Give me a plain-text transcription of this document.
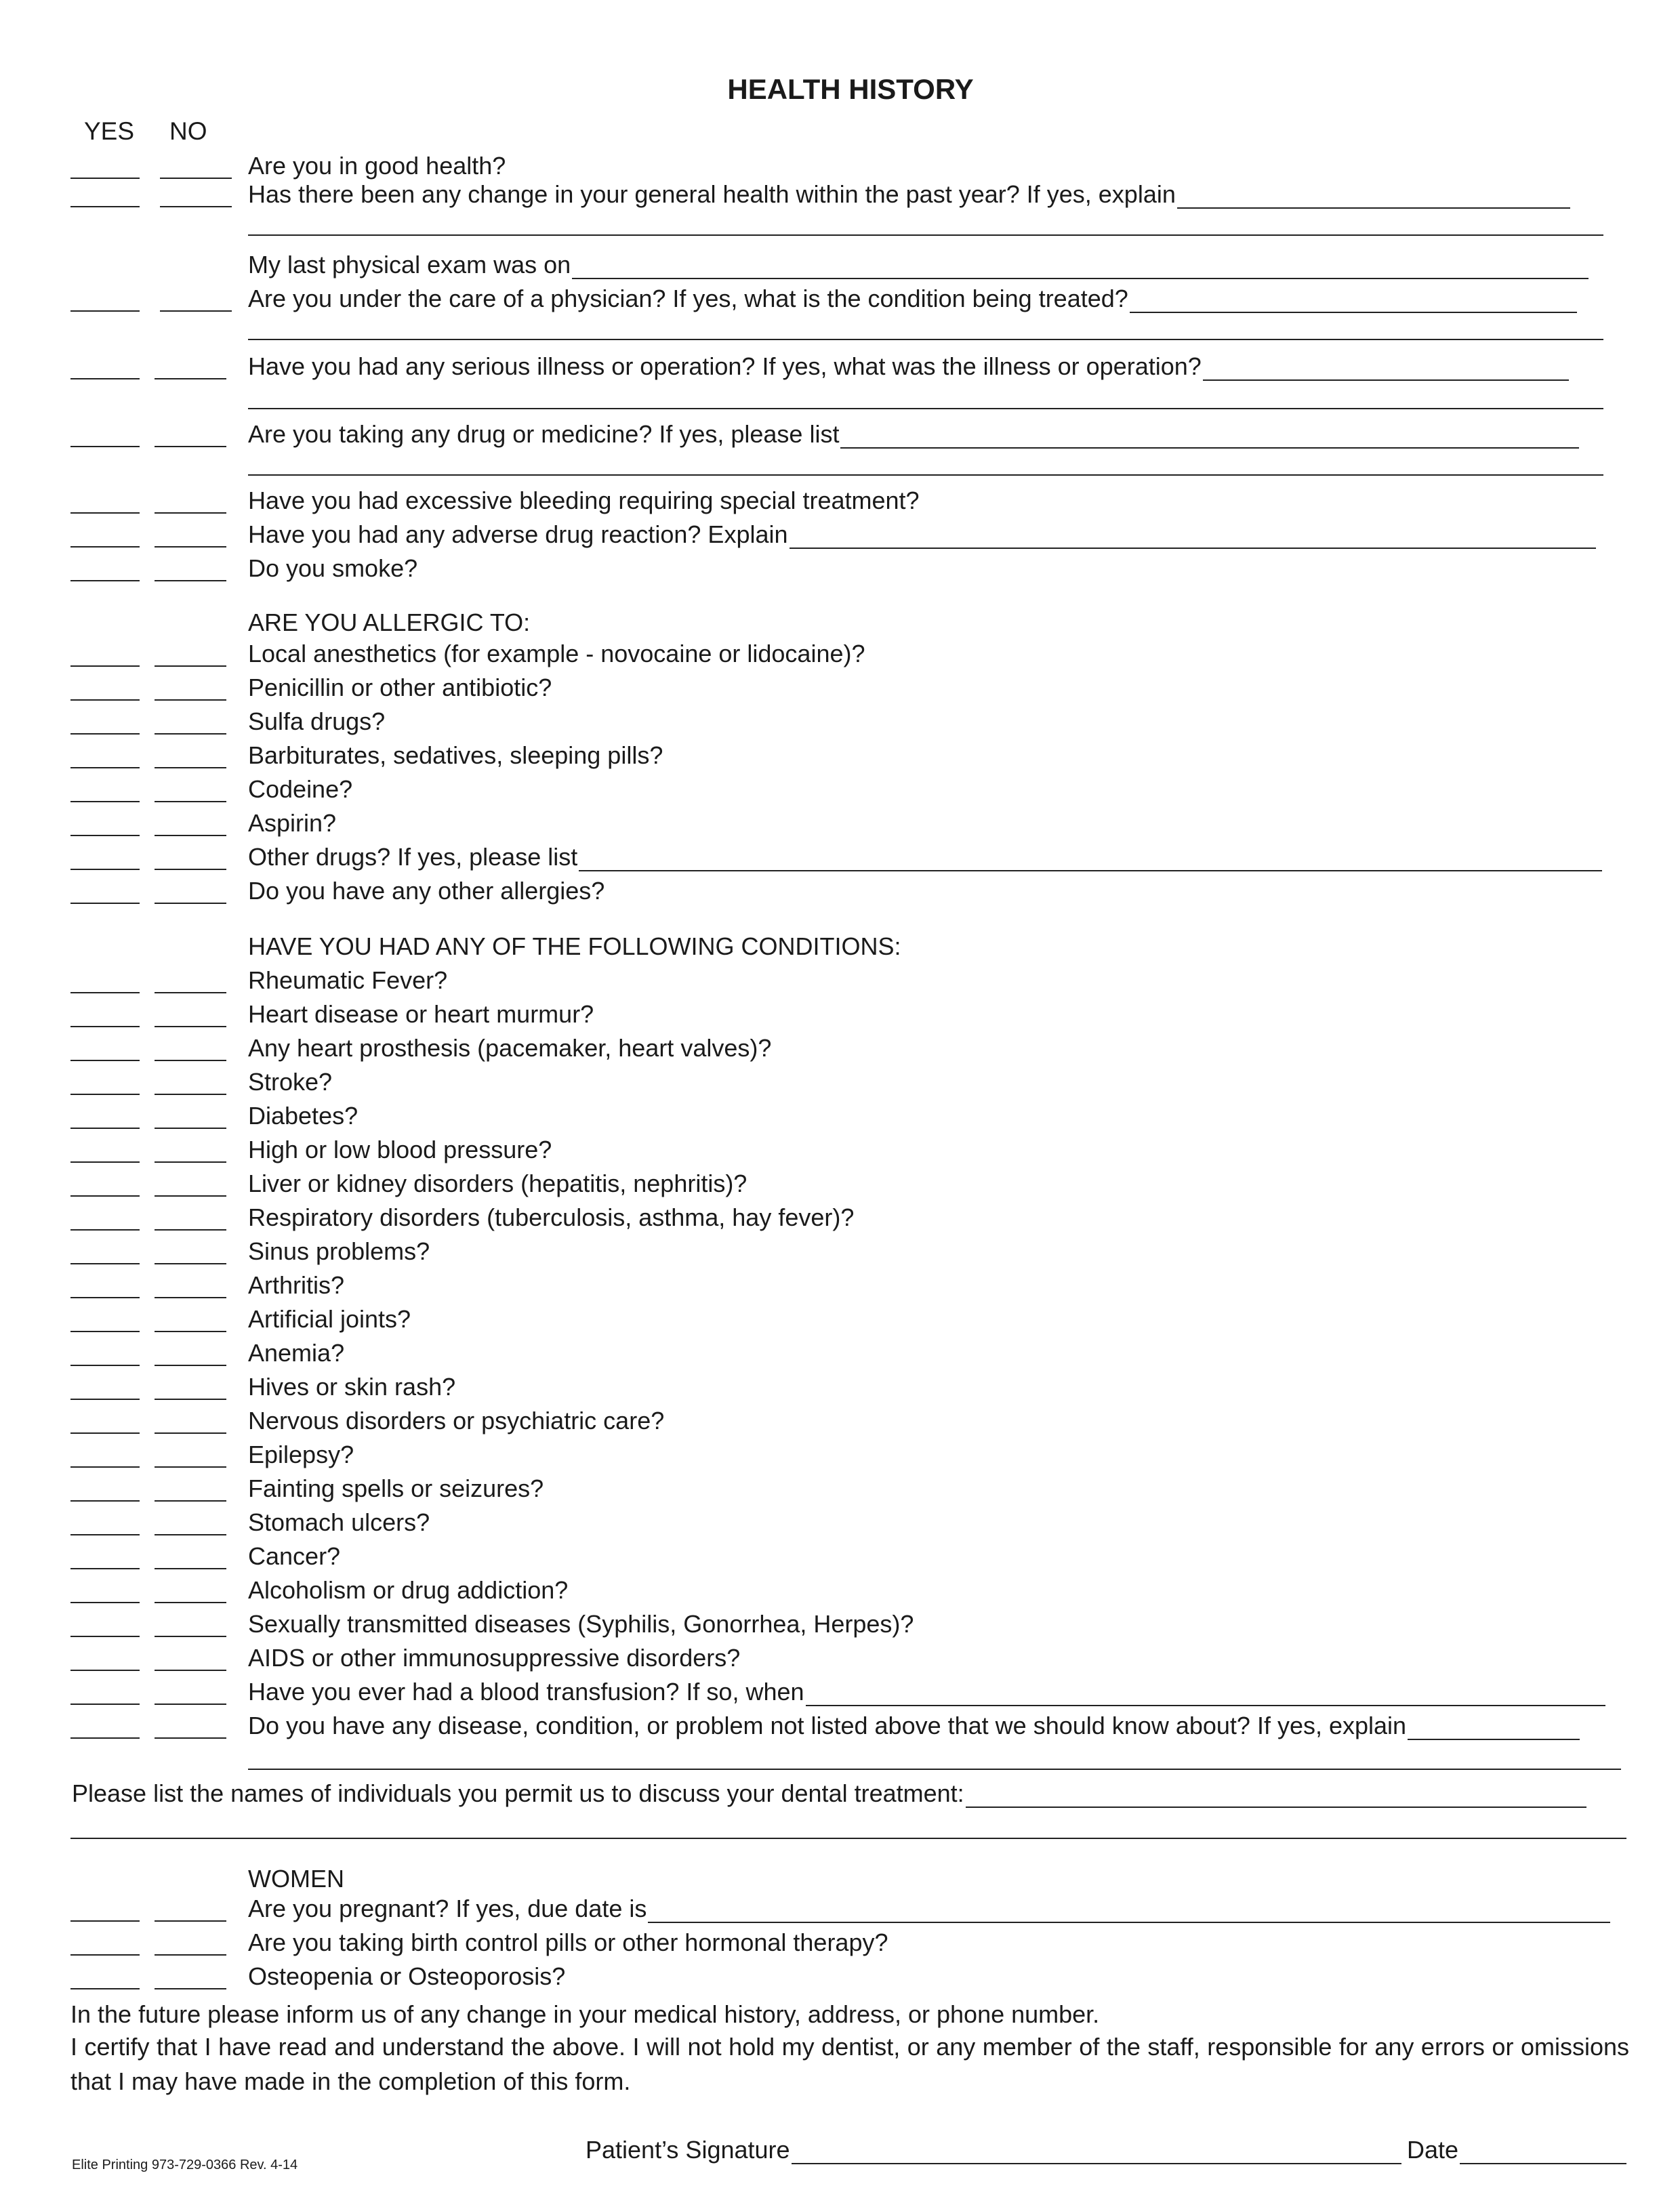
HEALTH HISTORY
YES NO
Are you in good health?
Has there been any change in your general health within the past year? If yes, explain
My last physical exam was on
Are you under the care of a physician? If yes, what is the condition being treated?
Have you had any serious illness or operation? If yes, what was the illness or operation?
Are you taking any drug or medicine? If yes, please list
Have you had excessive bleeding requiring special treatment?
Have you had any adverse drug reaction? Explain
Do you smoke?
ARE YOU ALLERGIC TO:
Local anesthetics (for example - novocaine or lidocaine)?
Penicillin or other antibiotic?
Sulfa drugs?
Barbiturates, sedatives, sleeping pills?
Codeine?
Aspirin?
Other drugs? If yes, please list
Do you have any other allergies?
HAVE YOU HAD ANY OF THE FOLLOWING CONDITIONS:
Rheumatic Fever?
Heart disease or heart murmur?
Any heart prosthesis (pacemaker, heart valves)?
Stroke?
Diabetes?
High or low blood pressure?
Liver or kidney disorders (hepatitis, nephritis)?
Respiratory disorders (tuberculosis, asthma, hay fever)?
Sinus problems?
Arthritis?
Artificial joints?
Anemia?
Hives or skin rash?
Nervous disorders or psychiatric care?
Epilepsy?
Fainting spells or seizures?
Stomach ulcers?
Cancer?
Alcoholism or drug addiction?
Sexually transmitted diseases (Syphilis, Gonorrhea, Herpes)?
AIDS or other immunosuppressive disorders?
Have you ever had a blood transfusion? If so, when
Do you have any disease, condition, or problem not listed above that we should know about? If yes, explain
Please list the names of individuals you permit us to discuss your dental treatment:
WOMEN
Are you pregnant? If yes, due date is
Are you taking birth control pills or other hormonal therapy?
Osteopenia or Osteoporosis?
In the future please inform us of any change in your medical history, address, or phone number.
I certify that I have read and understand the above. I will not hold my dentist, or any member of the staff, responsible for any errors or omissions that I may have made in the completion of this form.
Elite Printing 973-729-0366 Rev. 4-14
Patient’s Signature	Date
